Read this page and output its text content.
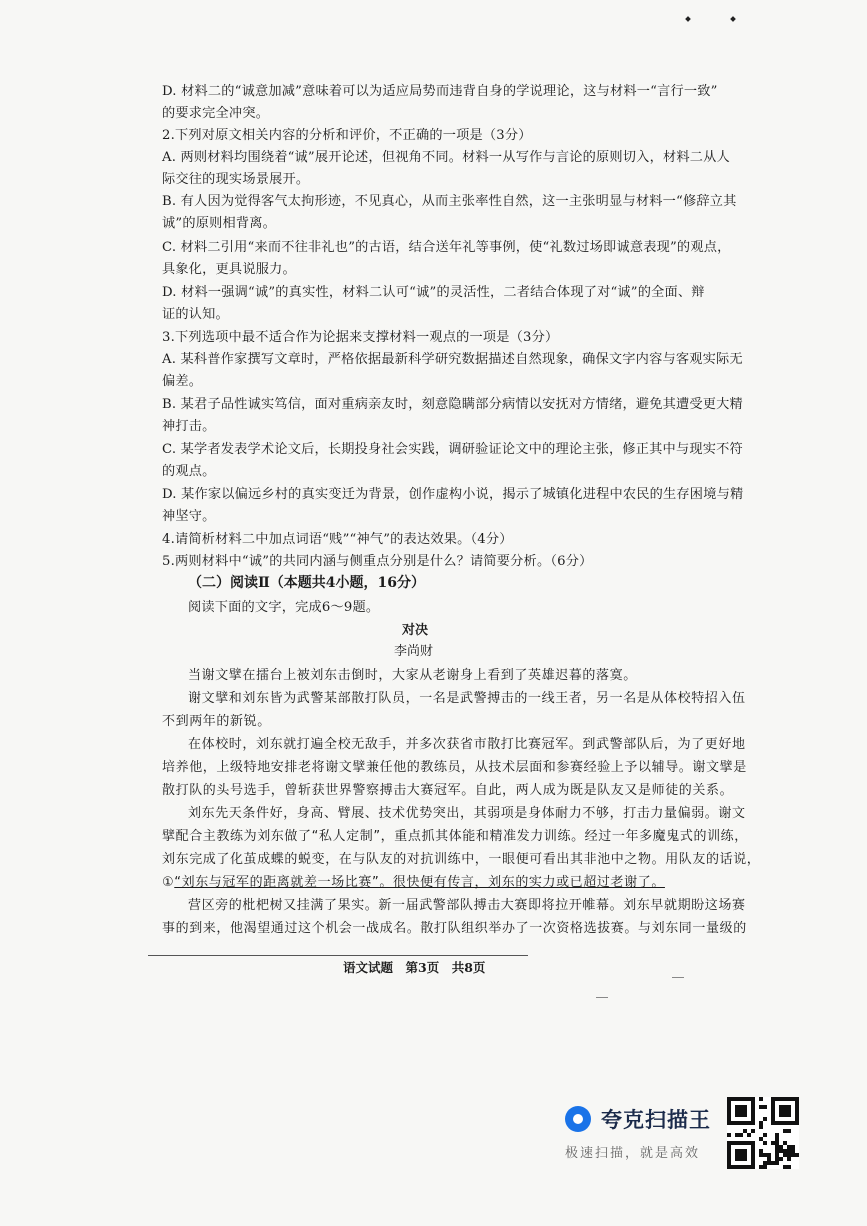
D. 材料二的“诚意加减”意味着可以为适应局势而违背自身的学说理论，这与材料一“言行一致”
的要求完全冲突。
2.下列对原文相关内容的分析和评价，不正确的一项是（3分）
A. 两则材料均围绕着“诚”展开论述，但视角不同。材料一从写作与言论的原则切入，材料二从人
际交往的现实场景展开。
B. 有人因为觉得客气太拘形迹，不见真心，从而主张率性自然，这一主张明显与材料一“修辞立其
诚”的原则相背离。
C. 材料二引用“来而不往非礼也”的古语，结合送年礼等事例，使“礼数过场即诚意表现”的观点，
具象化，更具说服力。
D. 材料一强调“诚”的真实性，材料二认可“诚”的灵活性，二者结合体现了对“诚”的全面、辩
证的认知。
3.下列选项中最不适合作为论据来支撑材料一观点的一项是（3分）
A. 某科普作家撰写文章时，严格依据最新科学研究数据描述自然现象，确保文字内容与客观实际无
偏差。
B. 某君子品性诚实笃信，面对重病亲友时，刻意隐瞒部分病情以安抚对方情绪，避免其遭受更大精
神打击。
C. 某学者发表学术论文后，长期投身社会实践，调研验证论文中的理论主张，修正其中与现实不符
的观点。
D. 某作家以偏远乡村的真实变迁为背景，创作虚构小说，揭示了城镇化进程中农民的生存困境与精
神坚守。
4.请简析材料二中加点词语“贱”“神气”的表达效果。（4分）
5.两则材料中“诚”的共同内涵与侧重点分别是什么？请简要分析。（6分）
（二）阅读Ⅱ（本题共4小题，16分）
阅读下面的文字，完成6～9题。
对决
李尚财
当谢文擘在擂台上被刘东击倒时，大家从老谢身上看到了英雄迟暮的落寞。
谢文擘和刘东皆为武警某部散打队员，一名是武警搏击的一线王者，另一名是从体校特招入伍
不到两年的新锐。
在体校时，刘东就打遍全校无敌手，并多次获省市散打比赛冠军。到武警部队后，为了更好地
培养他，上级特地安排老将谢文擘兼任他的教练员，从技术层面和参赛经验上予以辅导。谢文擘是
散打队的头号选手，曾斩获世界警察搏击大赛冠军。自此，两人成为既是队友又是师徒的关系。
刘东先天条件好，身高、臂展、技术优势突出，其弱项是身体耐力不够，打击力量偏弱。谢文
擘配合主教练为刘东做了“私人定制”，重点抓其体能和精准发力训练。经过一年多魔鬼式的训练，
刘东完成了化茧成蝶的蜕变，在与队友的对抗训练中，一眼便可看出其非池中之物。用队友的话说，
①“刘东与冠军的距离就差一场比赛”。很快便有传言，刘东的实力或已超过老谢了。
营区旁的枇杷树又挂满了果实。新一届武警部队搏击大赛即将拉开帷幕。刘东早就期盼这场赛
事的到来，他渴望通过这个机会一战成名。散打队组织举办了一次资格选拔赛。与刘东同一量级的
语文试题　第3页　共8页
夸克扫描王
极速扫描，就是高效
